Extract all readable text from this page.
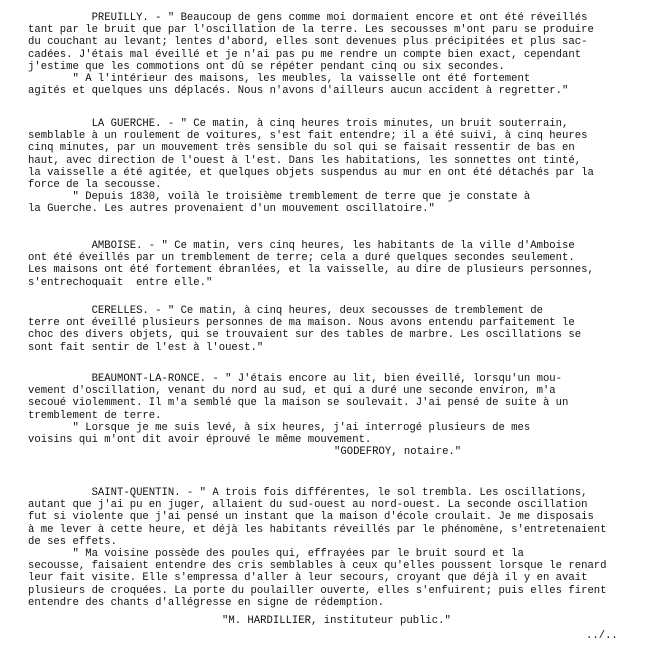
PREUILLY. - " Beaucoup de gens comme moi dormaient encore et ont été réveillés
tant par le bruit que par l'oscillation de la terre. Les secousses m'ont paru se produire
du couchant au levant; lentes d'abord, elles sont devenues plus précipitées et plus sac-
cadées. J'étais mal éveillé et je n'ai pas pu me rendre un compte bien exact, cependant
j'estime que les commotions ont dû se répéter pendant cinq ou six secondes.
" A l'intérieur des maisons, les meubles, la vaisselle ont été fortement
agités et quelques uns déplacés. Nous n'avons d'ailleurs aucun accident à regretter."
LA GUERCHE. - " Ce matin, à cinq heures trois minutes, un bruit souterrain,
semblable à un roulement de voitures, s'est fait entendre; il a été suivi, à cinq heures
cinq minutes, par un mouvement très sensible du sol qui se faisait ressentir de bas en
haut, avec direction de l'ouest à l'est. Dans les habitations, les sonnettes ont tinté,
la vaisselle a été agitée, et quelques objets suspendus au mur en ont été détachés par la
force de la secousse.
" Depuis 1830, voilà le troisième tremblement de terre que je constate à
la Guerche. Les autres provenaient d'un mouvement oscillatoire."
AMBOISE. - " Ce matin, vers cinq heures, les habitants de la ville d'Amboise
ont été éveillés par un tremblement de terre; cela a duré quelques secondes seulement.
Les maisons ont été fortement ébranlées, et la vaisselle, au dire de plusieurs personnes,
s'entrechoquait  entre elle."
CERELLES. - " Ce matin, à cinq heures, deux secousses de tremblement de
terre ont éveillé plusieurs personnes de ma maison. Nous avons entendu parfaitement le
choc des divers objets, qui se trouvaient sur des tables de marbre. Les oscillations se
sont fait sentir de l'est à l'ouest."
BEAUMONT-LA-RONCE. - " J'étais encore au lit, bien éveillé, lorsqu'un mou-
vement d'oscillation, venant du nord au sud, et qui a duré une seconde environ, m'a
secoué violemment. Il m'a semblé que la maison se soulevait. J'ai pensé de suite à un
tremblement de terre.
" Lorsque je me suis levé, à six heures, j'ai interrogé plusieurs de mes
voisins qui m'ont dit avoir éprouvé le même mouvement.
"GODEFROY, notaire."
SAINT-QUENTIN. - " A trois fois différentes, le sol trembla. Les oscillations,
autant que j'ai pu en juger, allaient du sud-ouest au nord-ouest. La seconde oscillation
fut si violente que j'ai pensé un instant que la maison d'école croulait. Je me disposais
à me lever à cette heure, et déjà les habitants réveillés par le phénomène, s'entretenaient
de ses effets.
" Ma voisine possède des poules qui, effrayées par le bruit sourd et la
secousse, faisaient entendre des cris semblables à ceux qu'elles poussent lorsque le renard
leur fait visite. Elle s'empressa d'aller à leur secours, croyant que déjà il y en avait
plusieurs de croquées. La porte du poulailler ouverte, elles s'enfuirent; puis elles firent
entendre des chants d'allégresse en signe de rédemption.
"M. HARDILLIER, instituteur public."
../..
